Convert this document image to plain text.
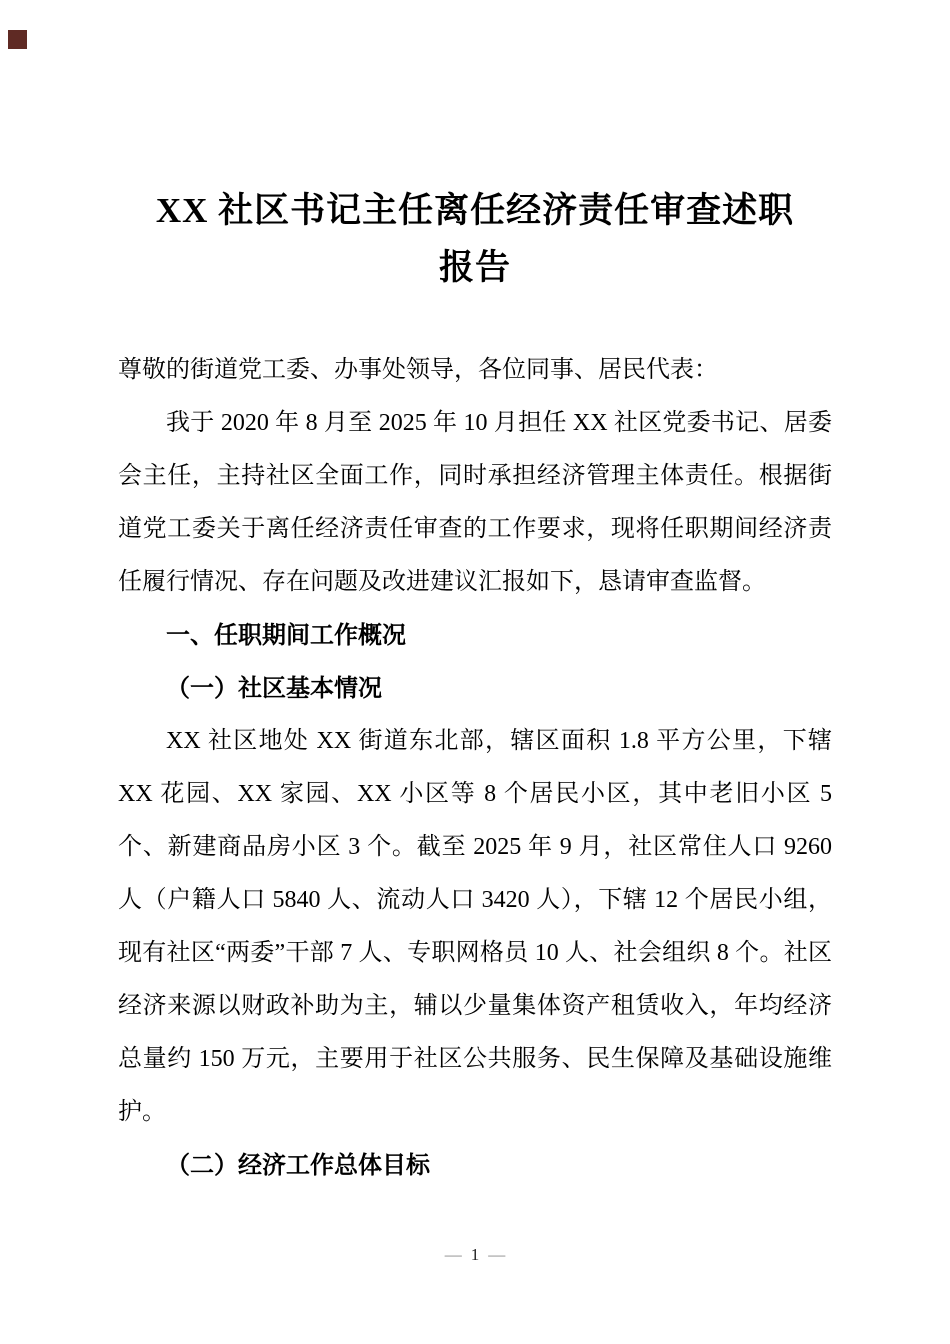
XX 社区书记主任离任经济责任审查述职
报告

尊敬的街道党工委、办事处领导，各位同事、居民代表：

我于 2020 年 8 月至 2025 年 10 月担任 XX 社区党委书记、居委会主任，主持社区全面工作，同时承担经济管理主体责任。根据街道党工委关于离任经济责任审查的工作要求，现将任职期间经济责任履行情况、存在问题及改进建议汇报如下，恳请审查监督。

一、任职期间工作概况

（一）社区基本情况

XX 社区地处 XX 街道东北部，辖区面积 1.8 平方公里，下辖 XX 花园、XX 家园、XX 小区等 8 个居民小区，其中老旧小区 5 个、新建商品房小区 3 个。截至 2025 年 9 月，社区常住人口 9260 人（户籍人口 5840 人、流动人口 3420 人），下辖 12 个居民小组，现有社区“两委”干部 7 人、专职网格员 10 人、社会组织 8 个。社区经济来源以财政补助为主，辅以少量集体资产租赁收入，年均经济总量约 150 万元，主要用于社区公共服务、民生保障及基础设施维护。

（二）经济工作总体目标

— 1 —
